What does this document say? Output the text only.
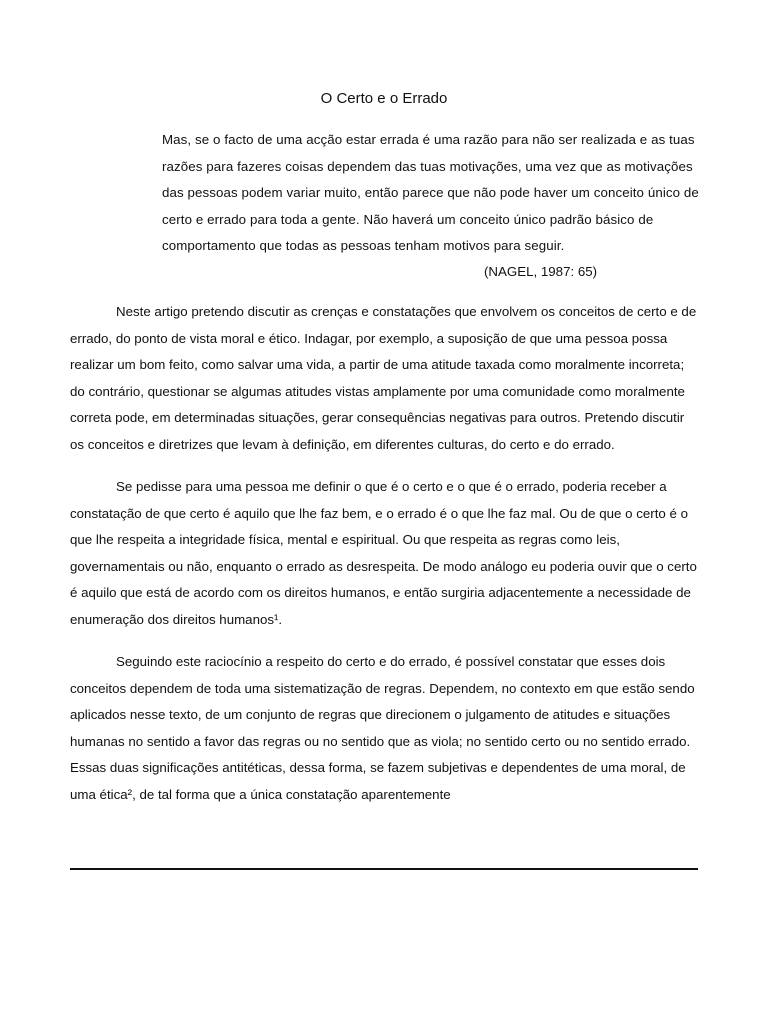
O Certo e o Errado
Mas, se o facto de uma acção estar errada é uma razão para não ser realizada e as tuas razões para fazeres coisas dependem das tuas motivações, uma vez que as motivações das pessoas podem variar muito, então parece que não pode haver um conceito único de certo e errado para toda a gente. Não haverá um conceito único padrão básico de comportamento que todas as pessoas tenham motivos para seguir.
(NAGEL, 1987: 65)

Neste artigo pretendo discutir as crenças e constatações que envolvem os conceitos de certo e de errado, do ponto de vista moral e ético. Indagar, por exemplo, a suposição de que uma pessoa possa realizar um bom feito, como salvar uma vida, a partir de uma atitude taxada como moralmente incorreta; do contrário, questionar se algumas atitudes vistas amplamente por uma comunidade como moralmente correta pode, em determinadas situações, gerar consequências negativas para outros. Pretendo discutir os conceitos e diretrizes que levam à definição, em diferentes culturas, do certo e do errado.

Se pedisse para uma pessoa me definir o que é o certo e o que é o errado, poderia receber a constatação de que certo é aquilo que lhe faz bem, e o errado é o que lhe faz mal. Ou de que o certo é o que lhe respeita a integridade física, mental e espiritual. Ou que respeita as regras como leis, governamentais ou não, enquanto o errado as desrespeita. De modo análogo eu poderia ouvir que o certo é aquilo que está de acordo com os direitos humanos, e então surgiria adjacentemente a necessidade de enumeração dos direitos humanos¹.

Seguindo este raciocínio a respeito do certo e do errado, é possível constatar que esses dois conceitos dependem de toda uma sistematização de regras. Dependem, no contexto em que estão sendo aplicados nesse texto, de um conjunto de regras que direcionem o julgamento de atitudes e situações humanas no sentido a favor das regras ou no sentido que as viola; no sentido certo ou no sentido errado. Essas duas significações antitéticas, dessa forma, se fazem subjetivas e dependentes de uma moral, de uma ética², de tal forma que a única constatação aparentemente
